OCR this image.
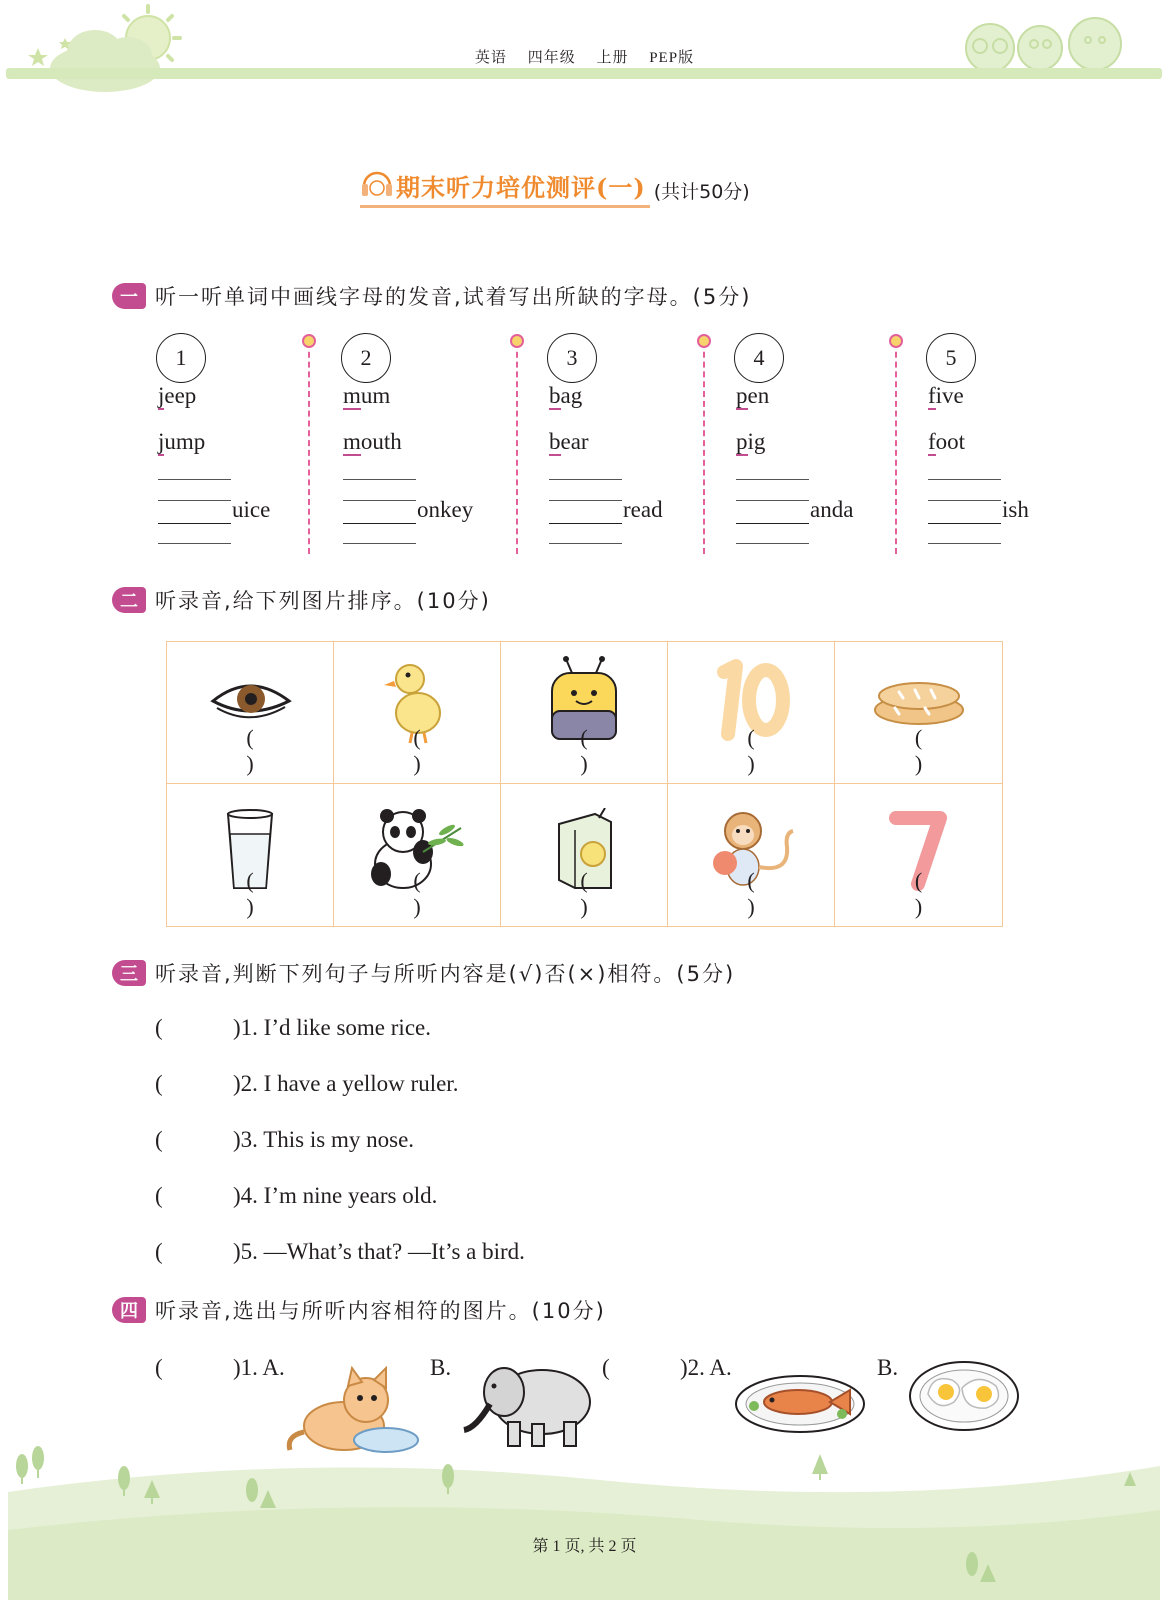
英语 四年级 上册 PEP版
期末听力培优测评(一) (共计50分)
一 听一听单词中画线字母的发音,试着写出所缺的字母。(5分)
1
jeep
jump
uice
2
mum
mouth
onkey
3
bag
bear
read
4
pen
pig
anda
5
five
foot
ish
二 听录音,给下列图片排序。(10分)
( )
( )
( )
( )
( )
( )
( )
( )
( )
( )
三 听录音,判断下列句子与所听内容是(√)否(×)相符。(5分)
(	)1. I’d like some rice.
(	)2. I have a yellow ruler.
(	)3. This is my nose.
(	)4. I’m nine years old.
(	)5. —What’s that? —It’s a bird.
四 听录音,选出与所听内容相符的图片。(10分)
第 1 页, 共 2 页
(	)1. A.	B.	(	)2. A.	B.
